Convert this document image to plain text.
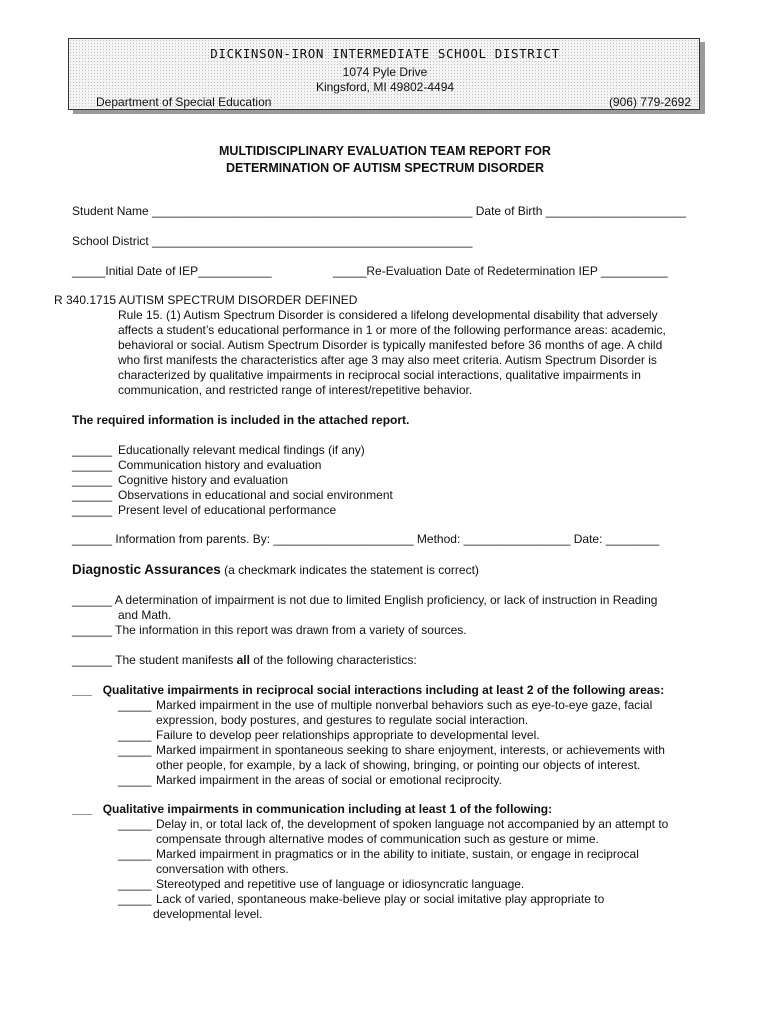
DICKINSON-IRON INTERMEDIATE SCHOOL DISTRICT
1074 Pyle Drive
Kingsford, MI 49802-4494
Department of Special Education	(906) 779-2692
MULTIDISCIPLINARY EVALUATION TEAM REPORT FOR
DETERMINATION OF AUTISM SPECTRUM DISORDER
Student Name ________________________________________________ Date of Birth _____________________
School District ________________________________________________
_____Initial Date of IEP___________	_____Re-Evaluation Date of Redetermination IEP __________
R 340.1715 AUTISM SPECTRUM DISORDER DEFINED
Rule 15. (1) Autism Spectrum Disorder is considered a lifelong developmental disability that adversely
affects a student’s educational performance in 1 or more of the following performance areas: academic,
behavioral or social. Autism Spectrum Disorder is typically manifested before 36 months of age. A child
who first manifests the characteristics after age 3 may also meet criteria. Autism Spectrum Disorder is
characterized by qualitative impairments in reciprocal social interactions, qualitative impairments in
communication, and restricted range of interest/repetitive behavior.
The required information is included in the attached report.
______ Educationally relevant medical findings (if any)
______ Communication history and evaluation
______ Cognitive history and evaluation
______ Observations in educational and social environment
______ Present level of educational performance
______ Information from parents. By: _____________________ Method: ________________ Date: ________
Diagnostic Assurances (a checkmark indicates the statement is correct)
______ A determination of impairment is not due to limited English proficiency, or lack of instruction in Reading
and Math.
______ The information in this report was drawn from a variety of sources.
______ The student manifests all of the following characteristics:
___ Qualitative impairments in reciprocal social interactions including at least 2 of the following areas:
_____ Marked impairment in the use of multiple nonverbal behaviors such as eye-to-eye gaze, facial
expression, body postures, and gestures to regulate social interaction.
_____ Failure to develop peer relationships appropriate to developmental level.
_____ Marked impairment in spontaneous seeking to share enjoyment, interests, or achievements with
other people, for example, by a lack of showing, bringing, or pointing our objects of interest.
_____ Marked impairment in the areas of social or emotional reciprocity.
___ Qualitative impairments in communication including at least 1 of the following:
_____ Delay in, or total lack of, the development of spoken language not accompanied by an attempt to
compensate through alternative modes of communication such as gesture or mime.
_____ Marked impairment in pragmatics or in the ability to initiate, sustain, or engage in reciprocal
conversation with others.
_____ Stereotyped and repetitive use of language or idiosyncratic language.
_____ Lack of varied, spontaneous make-believe play or social imitative play appropriate to
developmental level.
